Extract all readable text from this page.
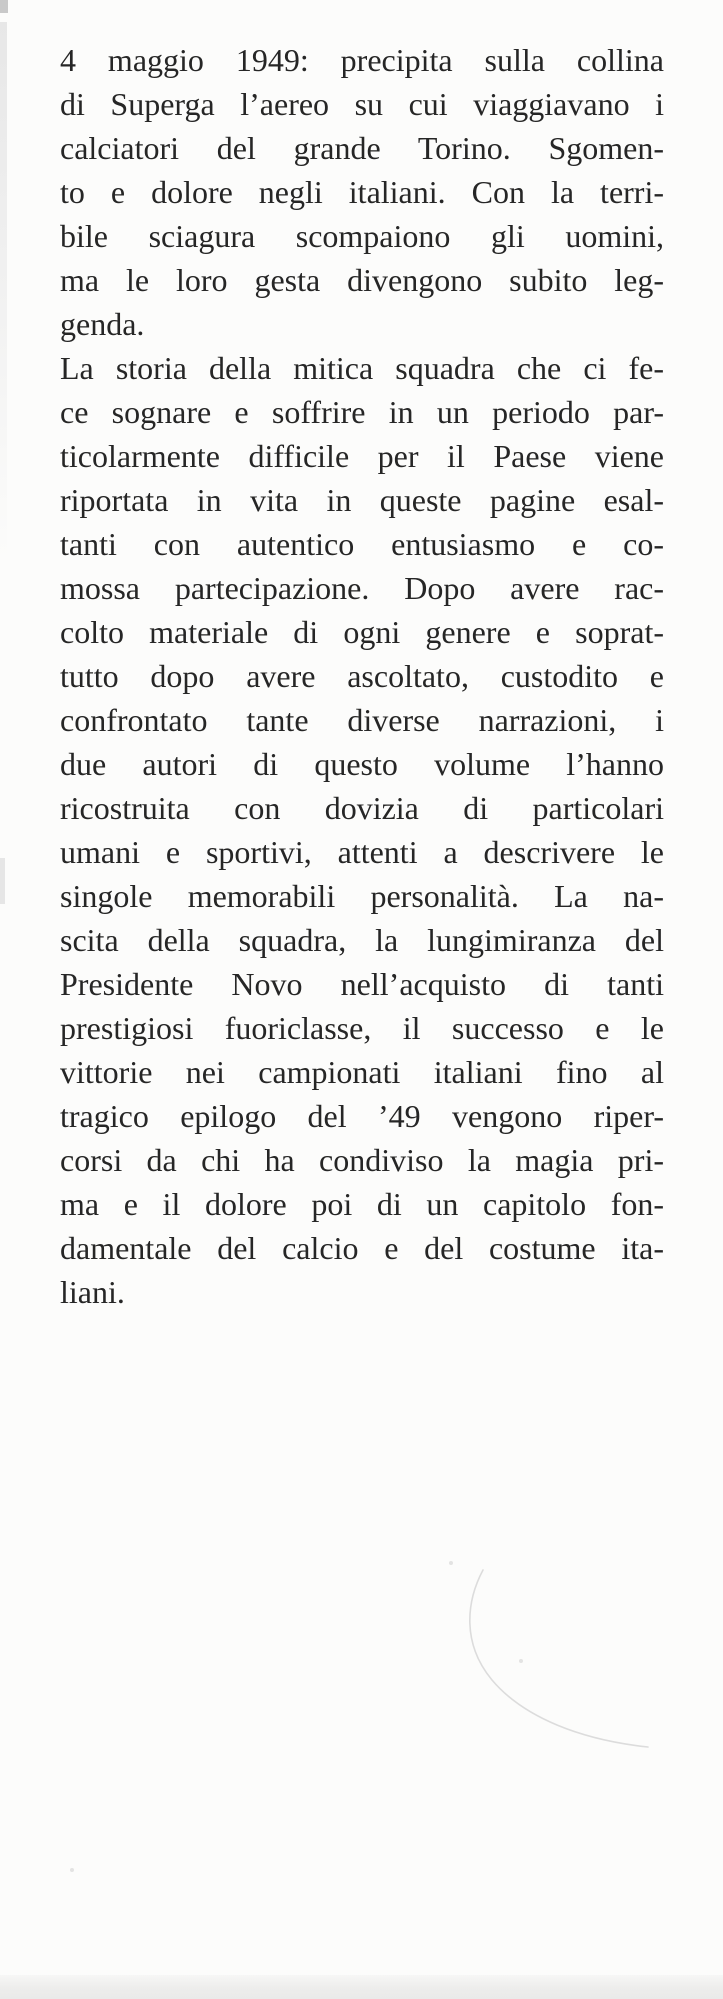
4 maggio 1949: precipita sulla collina
di Superga l’aereo su cui viaggiavano i
calciatori del grande Torino. Sgomen-
to e dolore negli italiani. Con la terri-
bile sciagura scompaiono gli uomini,
ma le loro gesta divengono subito leg-
genda.
La storia della mitica squadra che ci fe-
ce sognare e soffrire in un periodo par-
ticolarmente difficile per il Paese viene
riportata in vita in queste pagine esal-
tanti con autentico entusiasmo e co-
mossa partecipazione. Dopo avere rac-
colto materiale di ogni genere e soprat-
tutto dopo avere ascoltato, custodito e
confrontato tante diverse narrazioni, i
due autori di questo volume l’hanno
ricostruita con dovizia di particolari
umani e sportivi, attenti a descrivere le
singole memorabili personalità. La na-
scita della squadra, la lungimiranza del
Presidente Novo nell’acquisto di tanti
prestigiosi fuoriclasse, il successo e le
vittorie nei campionati italiani fino al
tragico epilogo del ’49 vengono riper-
corsi da chi ha condiviso la magia pri-
ma e il dolore poi di un capitolo fon-
damentale del calcio e del costume ita-
liani.
